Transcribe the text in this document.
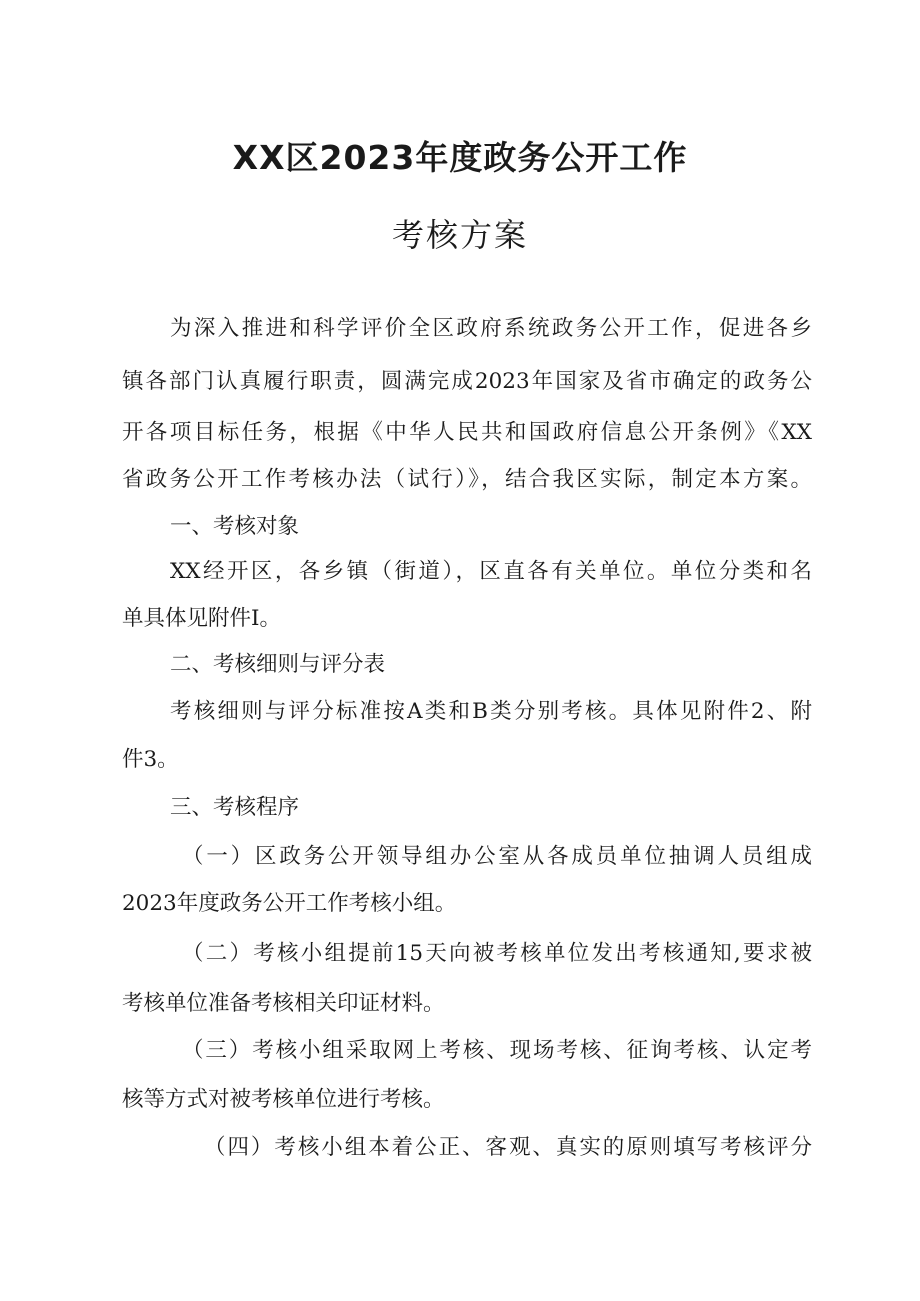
XX区2023年度政务公开工作
考核方案
为深入推进和科学评价全区政府系统政务公开工作，促进各乡
镇各部门认真履行职责，圆满完成2023年国家及省市确定的政务公
开各项目标任务，根据《中华人民共和国政府信息公开条例》《XX
省政务公开工作考核办法（试行）》，结合我区实际，制定本方案。
一、考核对象
XX经开区，各乡镇（街道），区直各有关单位。单位分类和名
单具体见附件I。
二、考核细则与评分表
考核细则与评分标准按A类和B类分别考核。具体见附件2、附
件3。
三、考核程序
（一）区政务公开领导组办公室从各成员单位抽调人员组成
2023年度政务公开工作考核小组。
（二）考核小组提前15天向被考核单位发出考核通知,要求被
考核单位准备考核相关印证材料。
（三）考核小组采取网上考核、现场考核、征询考核、认定考
核等方式对被考核单位进行考核。
（四）考核小组本着公正、客观、真实的原则填写考核评分
